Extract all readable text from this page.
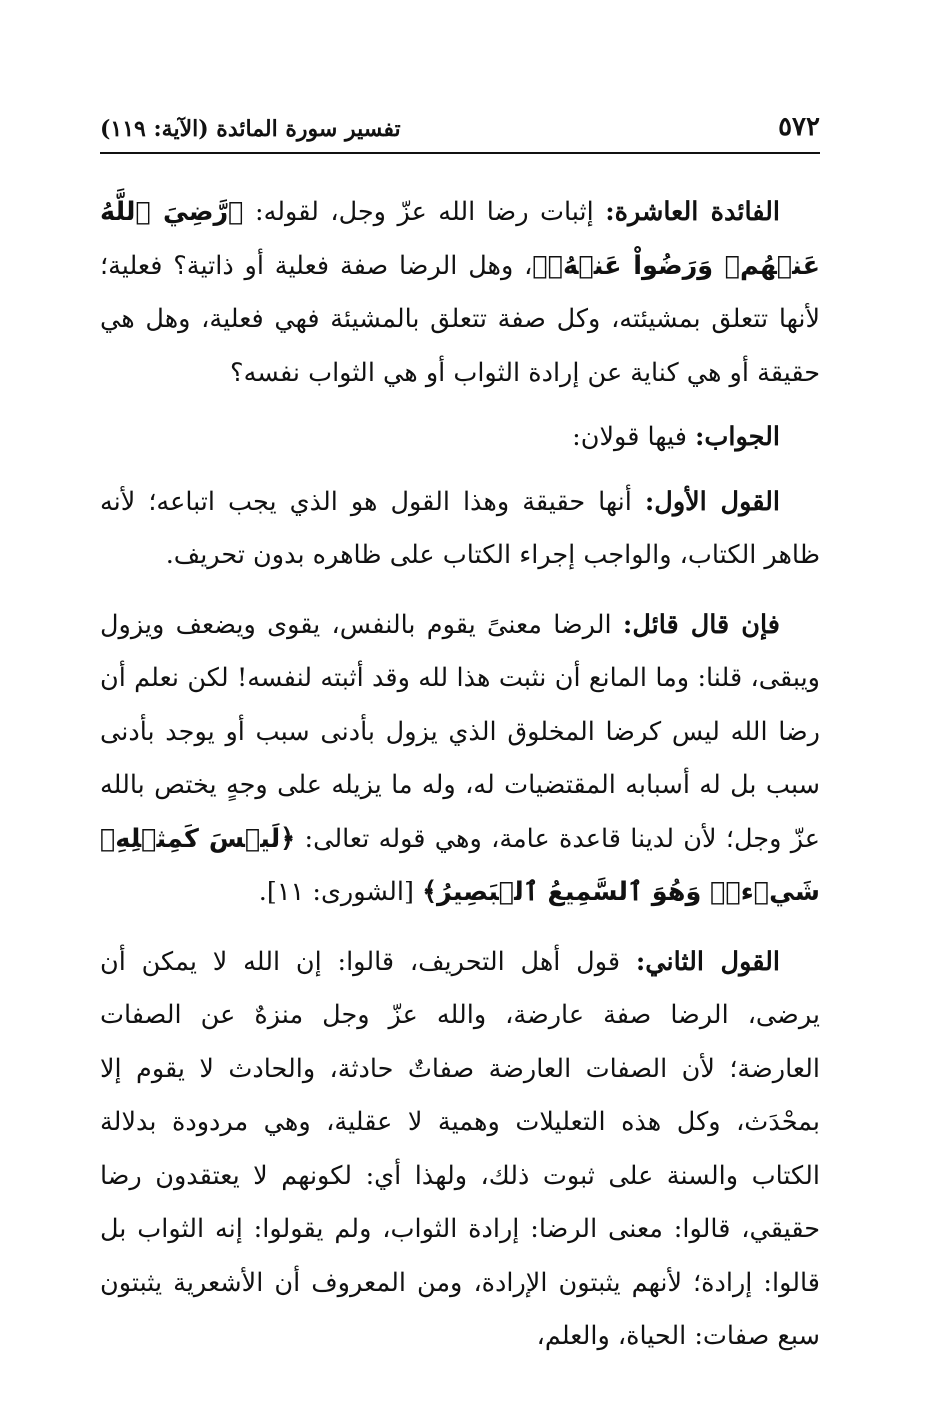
٥٧٢
تفسير سورة المائدة (الآية: ١١٩)

الفائدة العاشرة: إثبات رضا الله عزّ وجل، لقوله: ﴿رَّضِيَ ٱللَّهُ عَنۡهُمۡ وَرَضُواْ عَنۡهُۚ﴾، وهل الرضا صفة فعلية أو ذاتية؟ فعلية؛ لأنها تتعلق بمشيئته، وكل صفة تتعلق بالمشيئة فهي فعلية، وهل هي حقيقة أو هي كناية عن إرادة الثواب أو هي الثواب نفسه؟

الجواب: فيها قولان:

القول الأول: أنها حقيقة وهذا القول هو الذي يجب اتباعه؛ لأنه ظاهر الكتاب، والواجب إجراء الكتاب على ظاهره بدون تحريف.

فإن قال قائل: الرضا معنىً يقوم بالنفس، يقوى ويضعف ويزول ويبقى، قلنا: وما المانع أن نثبت هذا لله وقد أثبته لنفسه! لكن نعلم أن رضا الله ليس كرضا المخلوق الذي يزول بأدنى سبب أو يوجد بأدنى سبب بل له أسبابه المقتضيات له، وله ما يزيله على وجهٍ يختص بالله عزّ وجل؛ لأن لدينا قاعدة عامة، وهي قوله تعالى: ﴿لَيۡسَ كَمِثۡلِهِۦ شَيۡءٞۖ وَهُوَ ٱلسَّمِيعُ ٱلۡبَصِيرُ﴾ [الشورى: ١١].

القول الثاني: قول أهل التحريف، قالوا: إن الله لا يمكن أن يرضى، الرضا صفة عارضة، والله عزّ وجل منزهٌ عن الصفات العارضة؛ لأن الصفات العارضة صفاتٌ حادثة، والحادث لا يقوم إلا بمحْدَث، وكل هذه التعليلات وهمية لا عقلية، وهي مردودة بدلالة الكتاب والسنة على ثبوت ذلك، ولهذا أي: لكونهم لا يعتقدون رضا حقيقي، قالوا: معنى الرضا: إرادة الثواب، ولم يقولوا: إنه الثواب بل قالوا: إرادة؛ لأنهم يثبتون الإرادة، ومن المعروف أن الأشعرية يثبتون سبع صفات: الحياة، والعلم،
